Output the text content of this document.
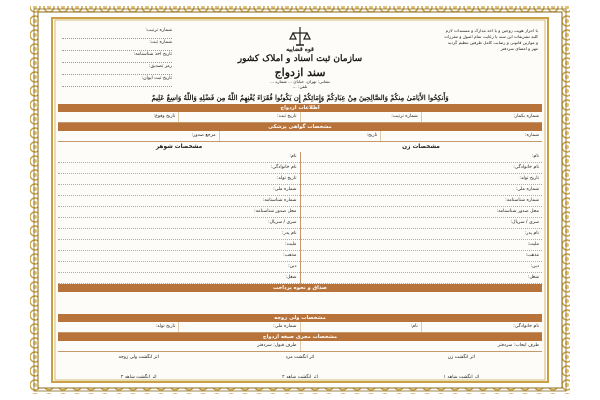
قوه قضاییه
سازمان ثبت اسناد و املاک کشور
سند ازدواج
نشانی: تهران، خیابان ... شماره ...
تلفن: ...
با احراز هویت زوجین و با اخذ مدارک و مستندات لازم
کلیه تشریفات این سند با رعایت تمام اصول و مقررات
و موازین قانونی و رضایت کامل طرفین تنظیم گردید
مهر و امضای سردفتر
شماره ترتیب:
شماره ثبت:
تاریخ اخذ شناسنامه:
رمز تصدیق:
تاریخ ثبت ایوان:
وَأَنكِحُوا الأَيَامَىٰ مِنكُمْ وَالصَّالِحِينَ مِنْ عِبَادِكُمْ وَإِمَائِكُمْ إِن يَكُونُوا فُقَرَاءَ يُغْنِهِمُ اللَّهُ مِن فَضْلِهِ وَاللَّهُ وَاسِعٌ عَلِيمٌ
اطلاعات ازدواج
شماره بکمار:
شماره ترتیب:
تاریخ ثبت:
تاریخ وقوع:
مشخصات گواهی پزشکی
شماره:
تاریخ:
مرجع صدور:
مشخصات زن
مشخصات شوهر
نام:
نام خانوادگی:
تاریخ تولد:
شماره ملی:
شماره شناسنامه:
محل صدور شناسنامه:
سری / سریال:
نام پدر:
ملیت:
مذهب:
دین:
شغل:
نام:
نام خانوادگی:
تاریخ تولد:
شماره ملی:
شماره شناسنامه:
محل صدور شناسنامه:
سری / سریال:
نام پدر:
ملیت:
مذهب:
دین:
شغل:
صداق و نحوه پرداخت
مشخصات ولی زوجه
نام خانوادگی:
نام:
شماره ملی:
تاریخ تولد:
مشخصات مجری صیغه ازدواج
طرف ایجاب: سردفتر
طرف قبول: سردفتر
اثر انگشت زن
اثر انگشت مرد
اثر انگشت ولی زوجه
اثر انگشت شاهد ۱
اثر انگشت شاهد ۲
اثر انگشت شاهد ۲
